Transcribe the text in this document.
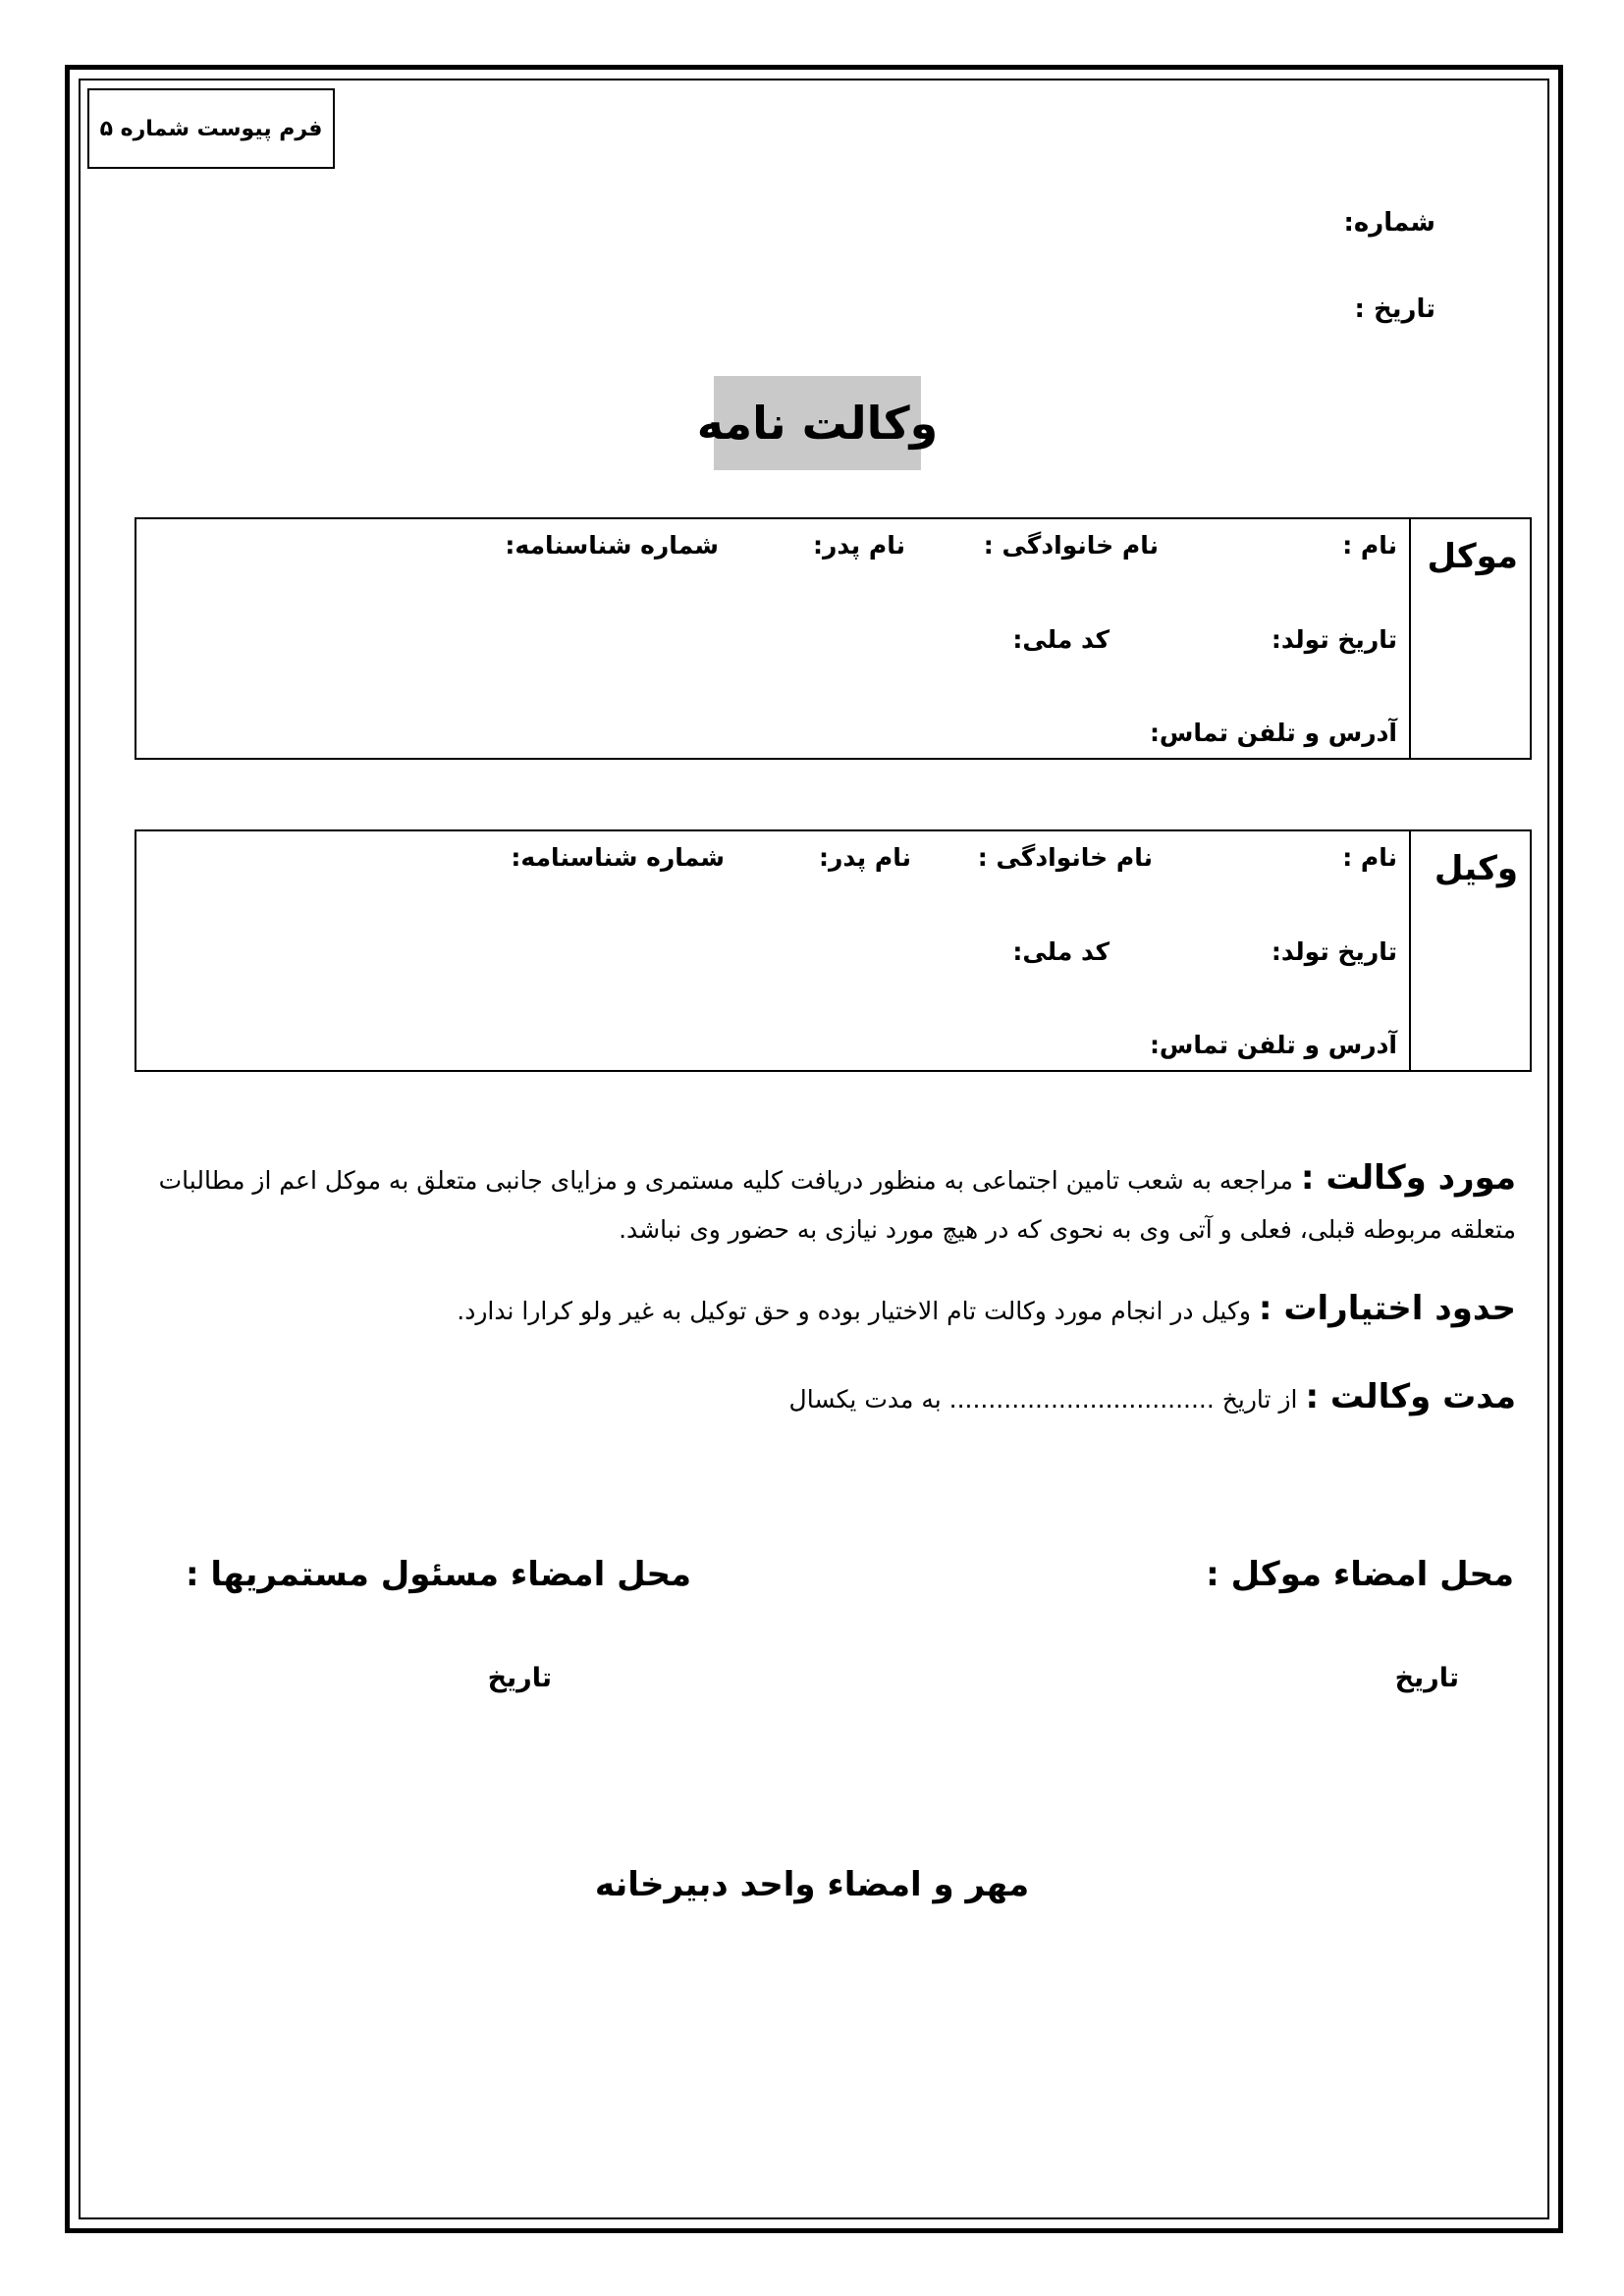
فرم پیوست شماره ۵
شماره:
تاریخ :
وکالت نامه
موکل
نام :
نام خانوادگی :
نام پدر:
شماره شناسنامه:
تاریخ تولد:
کد ملی:
آدرس و تلفن تماس:
وکیل
نام :
نام خانوادگی :
نام پدر:
شماره شناسنامه:
تاریخ تولد:
کد ملی:
آدرس و تلفن تماس:
مورد وکالت : مراجعه به شعب تامین اجتماعی به منظور دریافت کلیه مستمری و مزایای جانبی متعلق به موکل اعم از مطالبات متعلقه مربوطه قبلی، فعلی و آتی وی به نحوی که در هیچ مورد نیازی به حضور وی نباشد.
حدود اختیارات : وکیل در انجام مورد وکالت تام الاختیار بوده و حق توکیل به غیر ولو کرارا ندارد.
مدت وکالت : از تاریخ .................................. به مدت یکسال
محل امضاء موکل :
تاریخ
محل امضاء مسئول مستمریها :
تاریخ
مهر و امضاء واحد دبیرخانه
